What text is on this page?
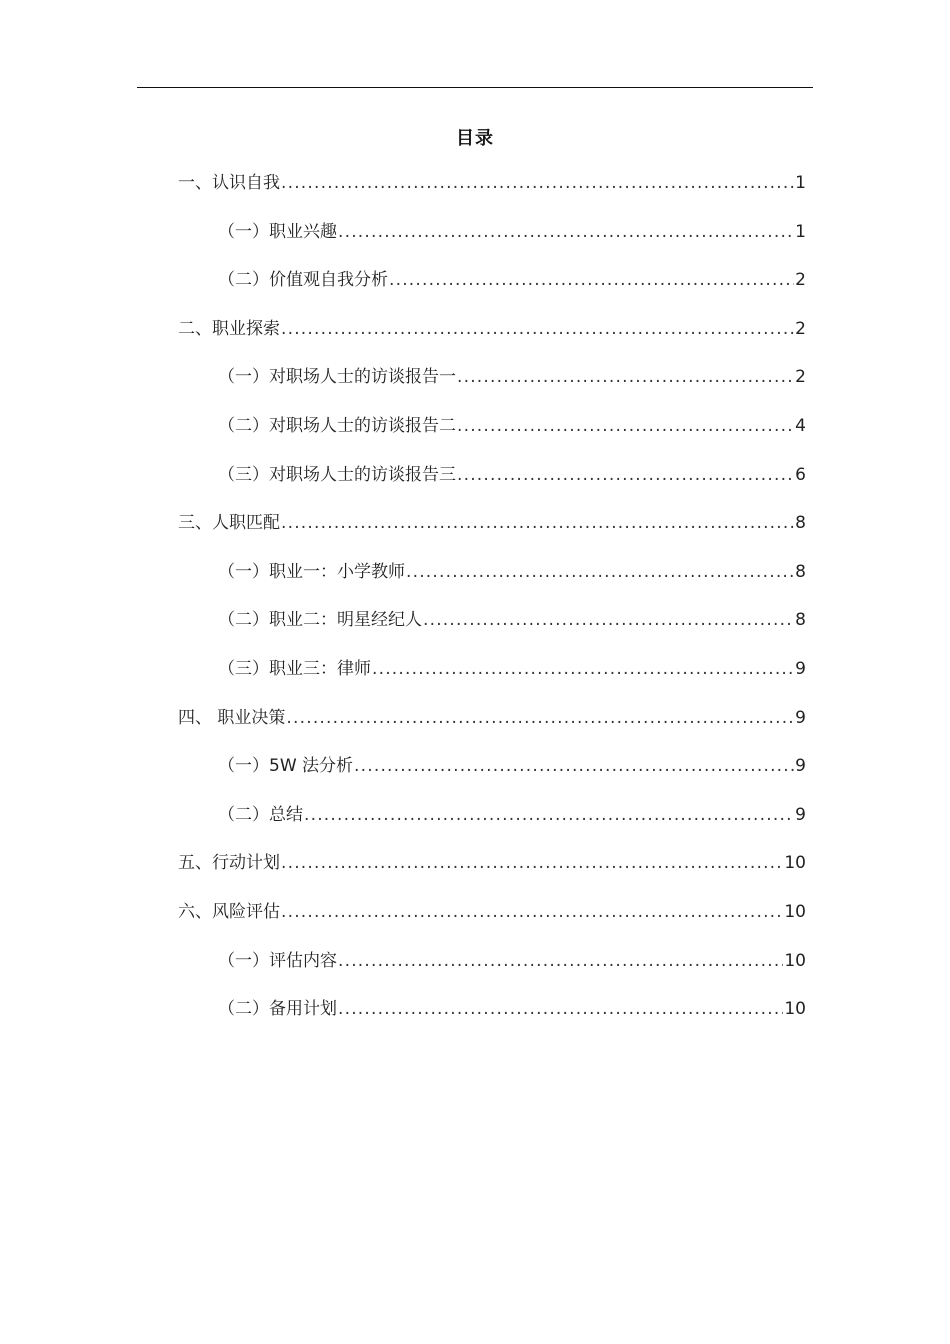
目录
一、认识自我 .....	1
（一）职业兴趣 .....	1
（二）价值观自我分析 .....	2
二、职业探索 .....	2
（一）对职场人士的访谈报告一 .....	2
（二）对职场人士的访谈报告二 .....	4
（三）对职场人士的访谈报告三 .....	6
三、人职匹配 .....	8
（一）职业一：小学教师 .....	8
（二）职业二：明星经纪人 .....	8
（三）职业三：律师 .....	9
四、 职业决策 .....	9
（一）5W 法分析 .....	9
（二）总结 .....	9
五、行动计划 .....	10
六、风险评估 .....	10
（一）评估内容 .....	10
（二）备用计划 .....	10
